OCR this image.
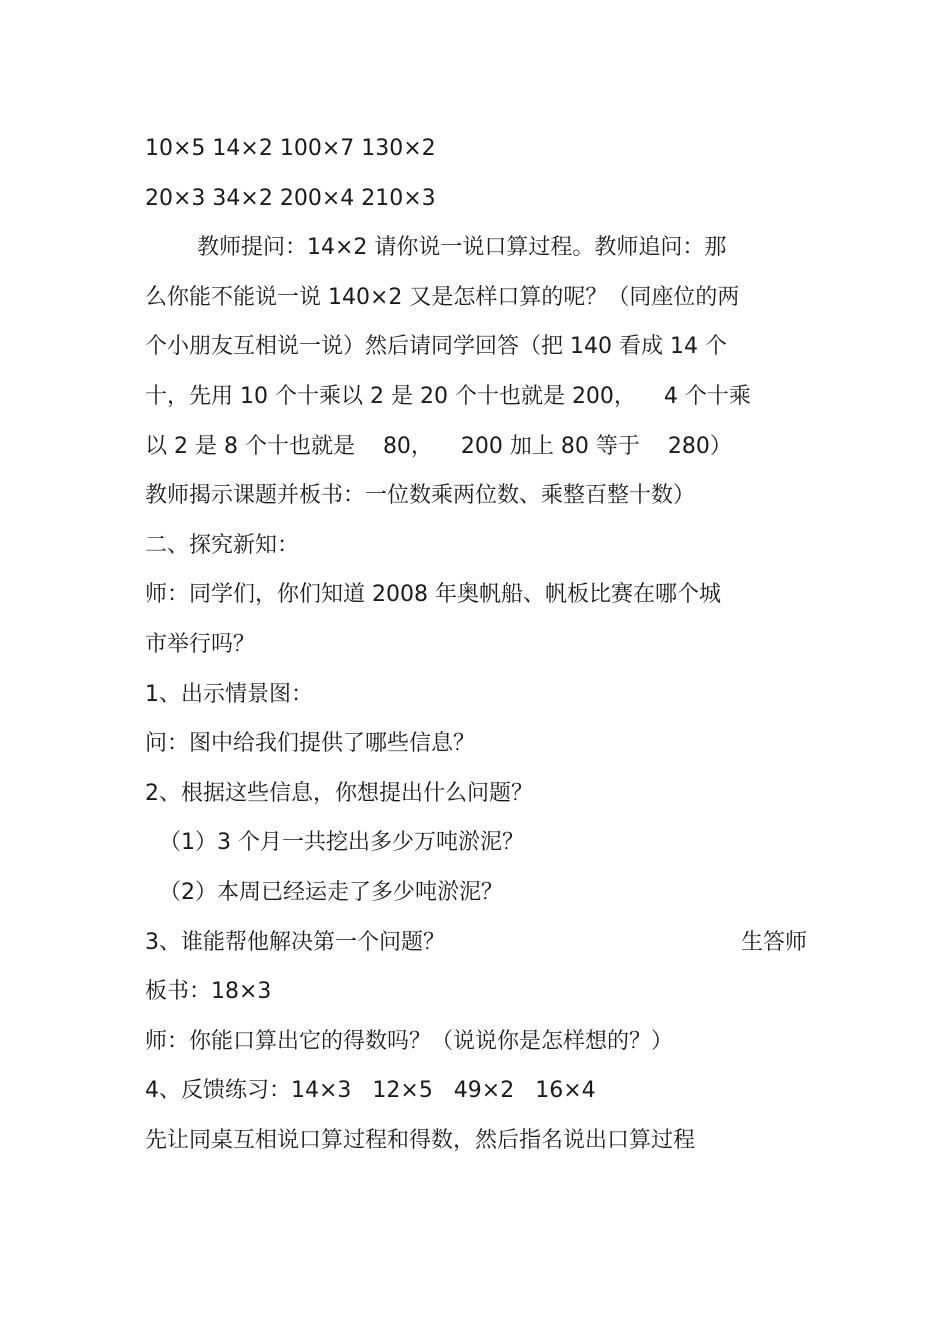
10×5 14×2 100×7 130×2
20×3 34×2 200×4 210×3
教师提问：14×2 请你说一说口算过程。教师追问：那
么你能不能说一说 140×2 又是怎样口算的呢？（同座位的两
个小朋友互相说一说）然后请同学回答（把 140 看成 14 个
十，先用 10 个十乘以 2 是 20 个十也就是 200，    4 个十乘
以 2 是 8 个十也就是    80，    200 加上 80 等于    280）
教师揭示课题并板书：一位数乘两位数、乘整百整十数）
二、探究新知：
师：同学们，你们知道 2008 年奥帆船、帆板比赛在哪个城
市举行吗？
1、出示情景图：
问：图中给我们提供了哪些信息？
2、根据这些信息，你想提出什么问题？
（1）3 个月一共挖出多少万吨淤泥？
（2）本周已经运走了多少吨淤泥？
3、谁能帮他解决第一个问题？	生答师
板书：18×3
师：你能口算出它的得数吗？（说说你是怎样想的？）
4、反馈练习：14×3   12×5   49×2   16×4
先让同桌互相说口算过程和得数，然后指名说出口算过程
